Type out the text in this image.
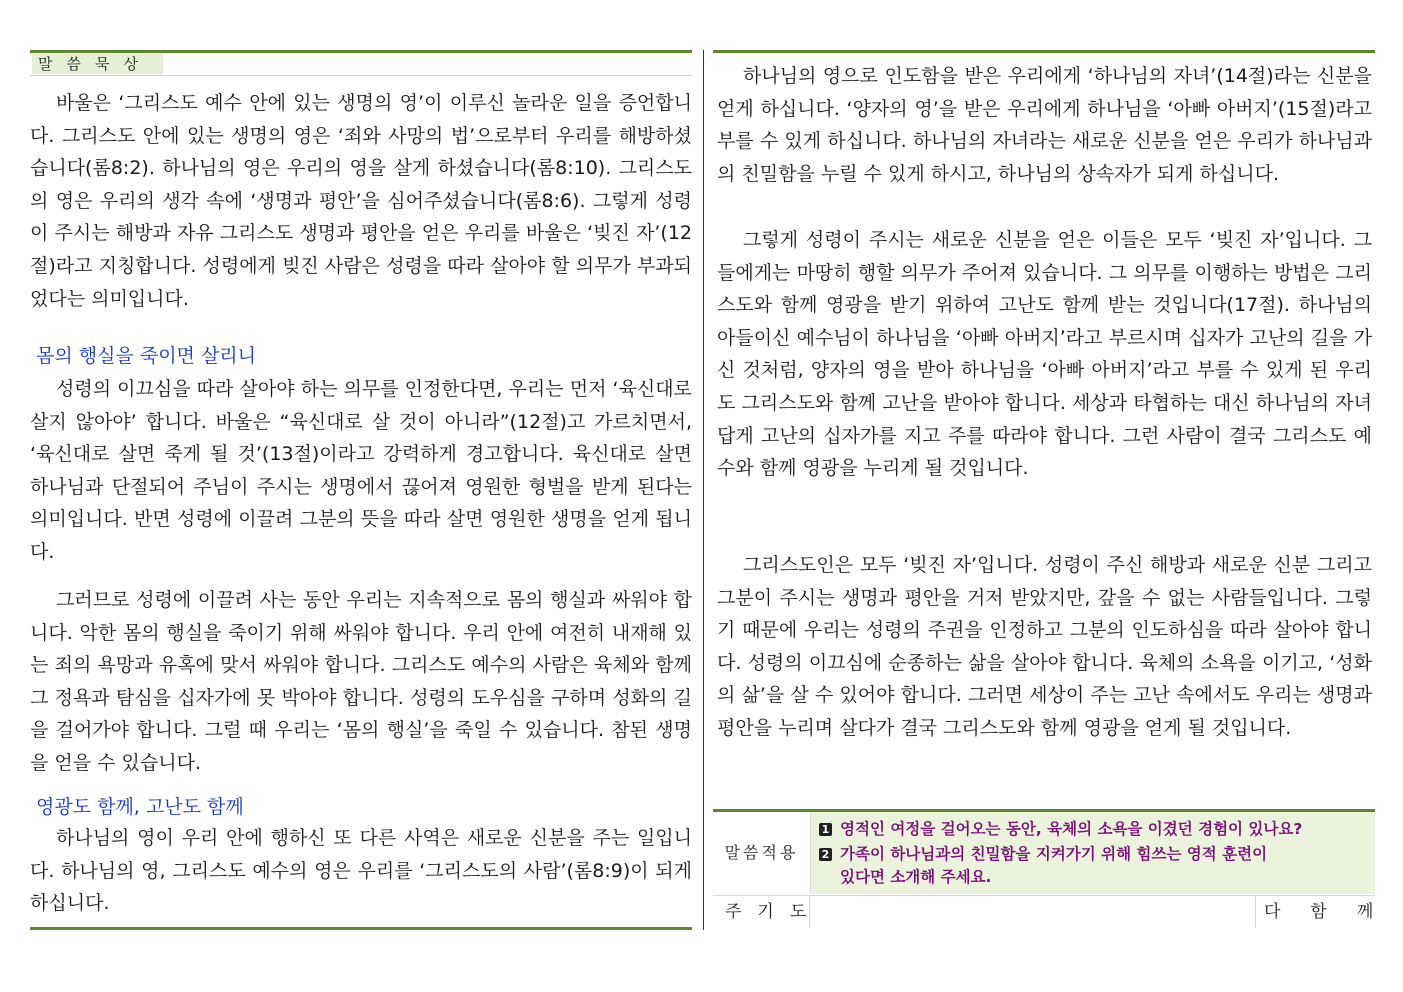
말씀묵상

바울은 ‘그리스도 예수 안에 있는 생명의 영’이 이루신 놀라운 일을 증언합니다. 그리스도 안에 있는 생명의 영은 ‘죄와 사망의 법’으로부터 우리를 해방하셨습니다(롬8:2). 하나님의 영은 우리의 영을 살게 하셨습니다(롬8:10). 그리스도의 영은 우리의 생각 속에 ‘생명과 평안’을 심어주셨습니다(롬8:6). 그렇게 성령이 주시는 해방과 자유 그리스도 생명과 평안을 얻은 우리를 바울은 ‘빚진 자’(12절)라고 지칭합니다. 성령에게 빚진 사람은 성령을 따라 살아야 할 의무가 부과되었다는 의미입니다.

몸의 행실을 죽이면 살리니

성령의 이끄심을 따라 살아야 하는 의무를 인정한다면, 우리는 먼저 ‘육신대로 살지 않아야’ 합니다. 바울은 “육신대로 살 것이 아니라”(12절)고 가르치면서, ‘육신대로 살면 죽게 될 것’(13절)이라고 강력하게 경고합니다. 육신대로 살면 하나님과 단절되어 주님이 주시는 생명에서 끊어져 영원한 형벌을 받게 된다는 의미입니다. 반면 성령에 이끌려 그분의 뜻을 따라 살면 영원한 생명을 얻게 됩니다.

그러므로 성령에 이끌려 사는 동안 우리는 지속적으로 몸의 행실과 싸워야 합니다. 악한 몸의 행실을 죽이기 위해 싸워야 합니다. 우리 안에 여전히 내재해 있는 죄의 욕망과 유혹에 맞서 싸워야 합니다. 그리스도 예수의 사람은 육체와 함께 그 정욕과 탐심을 십자가에 못 박아야 합니다. 성령의 도우심을 구하며 성화의 길을 걸어가야 합니다. 그럴 때 우리는 ‘몸의 행실’을 죽일 수 있습니다. 참된 생명을 얻을 수 있습니다.

영광도 함께, 고난도 함께

하나님의 영이 우리 안에 행하신 또 다른 사역은 새로운 신분을 주는 일입니다. 하나님의 영, 그리스도 예수의 영은 우리를 ‘그리스도의 사람’(롬8:9)이 되게 하십니다.

하나님의 영으로 인도함을 받은 우리에게 ‘하나님의 자녀’(14절)라는 신분을 얻게 하십니다. ‘양자의 영’을 받은 우리에게 하나님을 ‘아빠 아버지’(15절)라고 부를 수 있게 하십니다. 하나님의 자녀라는 새로운 신분을 얻은 우리가 하나님과의 친밀함을 누릴 수 있게 하시고, 하나님의 상속자가 되게 하십니다.

그렇게 성령이 주시는 새로운 신분을 얻은 이들은 모두 ‘빚진 자’입니다. 그들에게는 마땅히 행할 의무가 주어져 있습니다. 그 의무를 이행하는 방법은 그리스도와 함께 영광을 받기 위하여 고난도 함께 받는 것입니다(17절). 하나님의 아들이신 예수님이 하나님을 ‘아빠 아버지’라고 부르시며 십자가 고난의 길을 가신 것처럼, 양자의 영을 받아 하나님을 ‘아빠 아버지’라고 부를 수 있게 된 우리도 그리스도와 함께 고난을 받아야 합니다. 세상과 타협하는 대신 하나님의 자녀답게 고난의 십자가를 지고 주를 따라야 합니다. 그런 사람이 결국 그리스도 예수와 함께 영광을 누리게 될 것입니다.

그리스도인은 모두 ‘빚진 자’입니다. 성령이 주신 해방과 새로운 신분 그리고 그분이 주시는 생명과 평안을 거저 받았지만, 갚을 수 없는 사람들입니다. 그렇기 때문에 우리는 성령의 주권을 인정하고 그분의 인도하심을 따라 살아야 합니다. 성령의 이끄심에 순종하는 삶을 살아야 합니다. 육체의 소욕을 이기고, ‘성화의 삶’을 살 수 있어야 합니다. 그러면 세상이 주는 고난 속에서도 우리는 생명과 평안을 누리며 살다가 결국 그리스도와 함께 영광을 얻게 될 것입니다.

말씀적용
1 영적인 여정을 걸어오는 동안, 육체의 소욕을 이겼던 경험이 있나요?
2 가족이 하나님과의 친밀함을 지켜가기 위해 힘쓰는 영적 훈련이
있다면 소개해 주세요.
주기도	다함께
